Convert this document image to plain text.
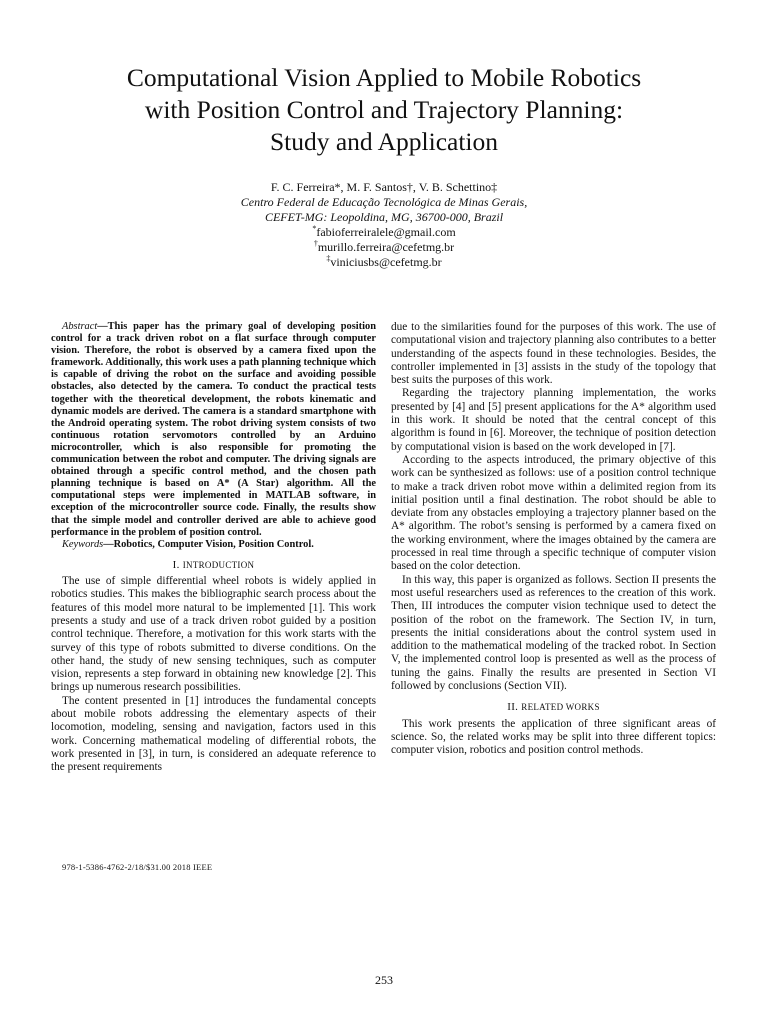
Computational Vision Applied to Mobile Robotics
with Position Control and Trajectory Planning:
Study and Application
F. C. Ferreira*, M. F. Santos†, V. B. Schettino‡
Centro Federal de Educação Tecnológica de Minas Gerais,
CEFET-MG: Leopoldina, MG, 36700-000, Brazil
*fabioferreiralele@gmail.com
†murillo.ferreira@cefetmg.br
‡viniciusbs@cefetmg.br

Abstract—This paper has the primary goal of developing position control for a track driven robot on a flat surface through computer vision. Therefore, the robot is observed by a camera fixed upon the framework. Additionally, this work uses a path planning technique which is capable of driving the robot on the surface and avoiding possible obstacles, also detected by the camera. To conduct the practical tests together with the theoretical development, the robots kinematic and dynamic models are derived. The camera is a standard smartphone with the Android operating system. The robot driving system consists of two continuous rotation servomotors controlled by an Arduino microcontroller, which is also responsible for promoting the communication between the robot and computer. The driving signals are obtained through a specific control method, and the chosen path planning technique is based on A* (A Star) algorithm. All the computational steps were implemented in MATLAB software, in exception of the microcontroller source code. Finally, the results show that the simple model and controller derived are able to achieve good performance in the problem of position control.

Keywords—Robotics, Computer Vision, Position Control.

I. INTRODUCTION

The use of simple differential wheel robots is widely applied in robotics studies. This makes the bibliographic search process about the features of this model more natural to be implemented [1]. This work presents a study and use of a track driven robot guided by a position control technique. Therefore, a motivation for this work starts with the survey of this type of robots submitted to diverse conditions. On the other hand, the study of new sensing techniques, such as computer vision, represents a step forward in obtaining new knowledge [2]. This brings up numerous research possibilities.

The content presented in [1] introduces the fundamental concepts about mobile robots addressing the elementary aspects of their locomotion, modeling, sensing and navigation, factors used in this work. Concerning mathematical modeling of differential robots, the work presented in [3], in turn, is considered an adequate reference to the present requirements

due to the similarities found for the purposes of this work. The use of computational vision and trajectory planning also contributes to a better understanding of the aspects found in these technologies. Besides, the controller implemented in [3] assists in the study of the topology that best suits the purposes of this work.

Regarding the trajectory planning implementation, the works presented by [4] and [5] present applications for the A* algorithm used in this work. It should be noted that the central concept of this algorithm is found in [6]. Moreover, the technique of position detection by computational vision is based on the work developed in [7].

According to the aspects introduced, the primary objective of this work can be synthesized as follows: use of a position control technique to make a track driven robot move within a delimited region from its initial position until a final destination. The robot should be able to deviate from any obstacles employing a trajectory planner based on the A* algorithm. The robot’s sensing is performed by a camera fixed on the working environment, where the images obtained by the camera are processed in real time through a specific technique of computer vision based on the color detection.

In this way, this paper is organized as follows. Section II presents the most useful researchers used as references to the creation of this work. Then, III introduces the computer vision technique used to detect the position of the robot on the framework. The Section IV, in turn, presents the initial considerations about the control system used in addition to the mathematical modeling of the tracked robot. In Section V, the implemented control loop is presented as well as the process of tuning the gains. Finally the results are presented in Section VI followed by conclusions (Section VII).

II. RELATED WORKS

This work presents the application of three significant areas of science. So, the related works may be split into three different topics: computer vision, robotics and position control methods.

978-1-5386-4762-2/18/$31.00 2018 IEEE
253
